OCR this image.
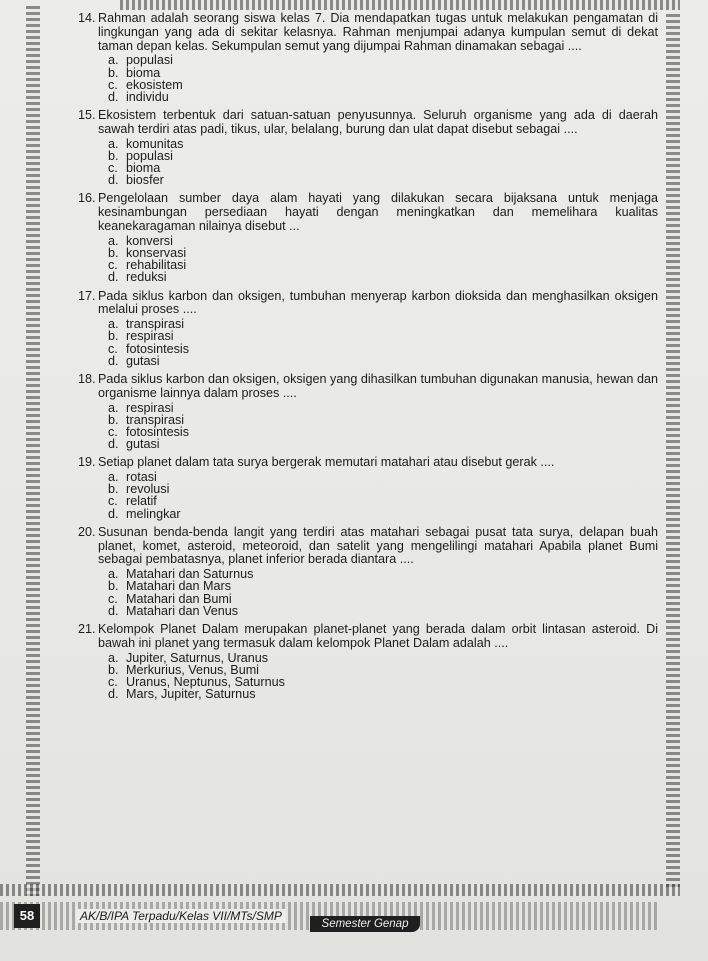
14. Rahman adalah seorang siswa kelas 7. Dia mendapatkan tugas untuk melakukan pengamatan di lingkungan yang ada di sekitar kelasnya. Rahman menjumpai adanya kumpulan semut di dekat taman depan kelas. Sekumpulan semut yang dijumpai Rahman dinamakan sebagai ....
a. populasi
b. bioma
c. ekosistem
d. individu
15. Ekosistem terbentuk dari satuan-satuan penyusunnya. Seluruh organisme yang ada di daerah sawah terdiri atas padi, tikus, ular, belalang, burung dan ulat dapat disebut sebagai ....
a. komunitas
b. populasi
c. bioma
d. biosfer
16. Pengelolaan sumber daya alam hayati yang dilakukan secara bijaksana untuk menjaga kesinambungan persediaan hayati dengan meningkatkan dan memelihara kualitas keanekaragaman nilainya disebut ...
a. konversi
b. konservasi
c. rehabilitasi
d. reduksi
17. Pada siklus karbon dan oksigen, tumbuhan menyerap karbon dioksida dan menghasilkan oksigen melalui proses ....
a. transpirasi
b. respirasi
c. fotosintesis
d. gutasi
18. Pada siklus karbon dan oksigen, oksigen yang dihasilkan tumbuhan digunakan manusia, hewan dan organisme lainnya dalam proses ....
a. respirasi
b. transpirasi
c. fotosintesis
d. gutasi
19. Setiap planet dalam tata surya bergerak memutari matahari atau disebut gerak ....
a. rotasi
b. revolusi
c. relatif
d. melingkar
20. Susunan benda-benda langit yang terdiri atas matahari sebagai pusat tata surya, delapan buah planet, komet, asteroid, meteoroid, dan satelit yang mengelilingi matahari Apabila planet Bumi sebagai pembatasnya, planet inferior berada diantara ....
a. Matahari dan Saturnus
b. Matahari dan Mars
c. Matahari dan Bumi
d. Matahari dan Venus
21. Kelompok Planet Dalam merupakan planet-planet yang berada dalam orbit lintasan asteroid. Di bawah ini planet yang termasuk dalam kelompok Planet Dalam adalah ....
a. Jupiter, Saturnus, Uranus
b. Merkurius, Venus, Bumi
c. Uranus, Neptunus, Saturnus
d. Mars, Jupiter, Saturnus
58	AK/B/IPA Terpadu/Kelas VII/MTs/SMP
Semester Genap
